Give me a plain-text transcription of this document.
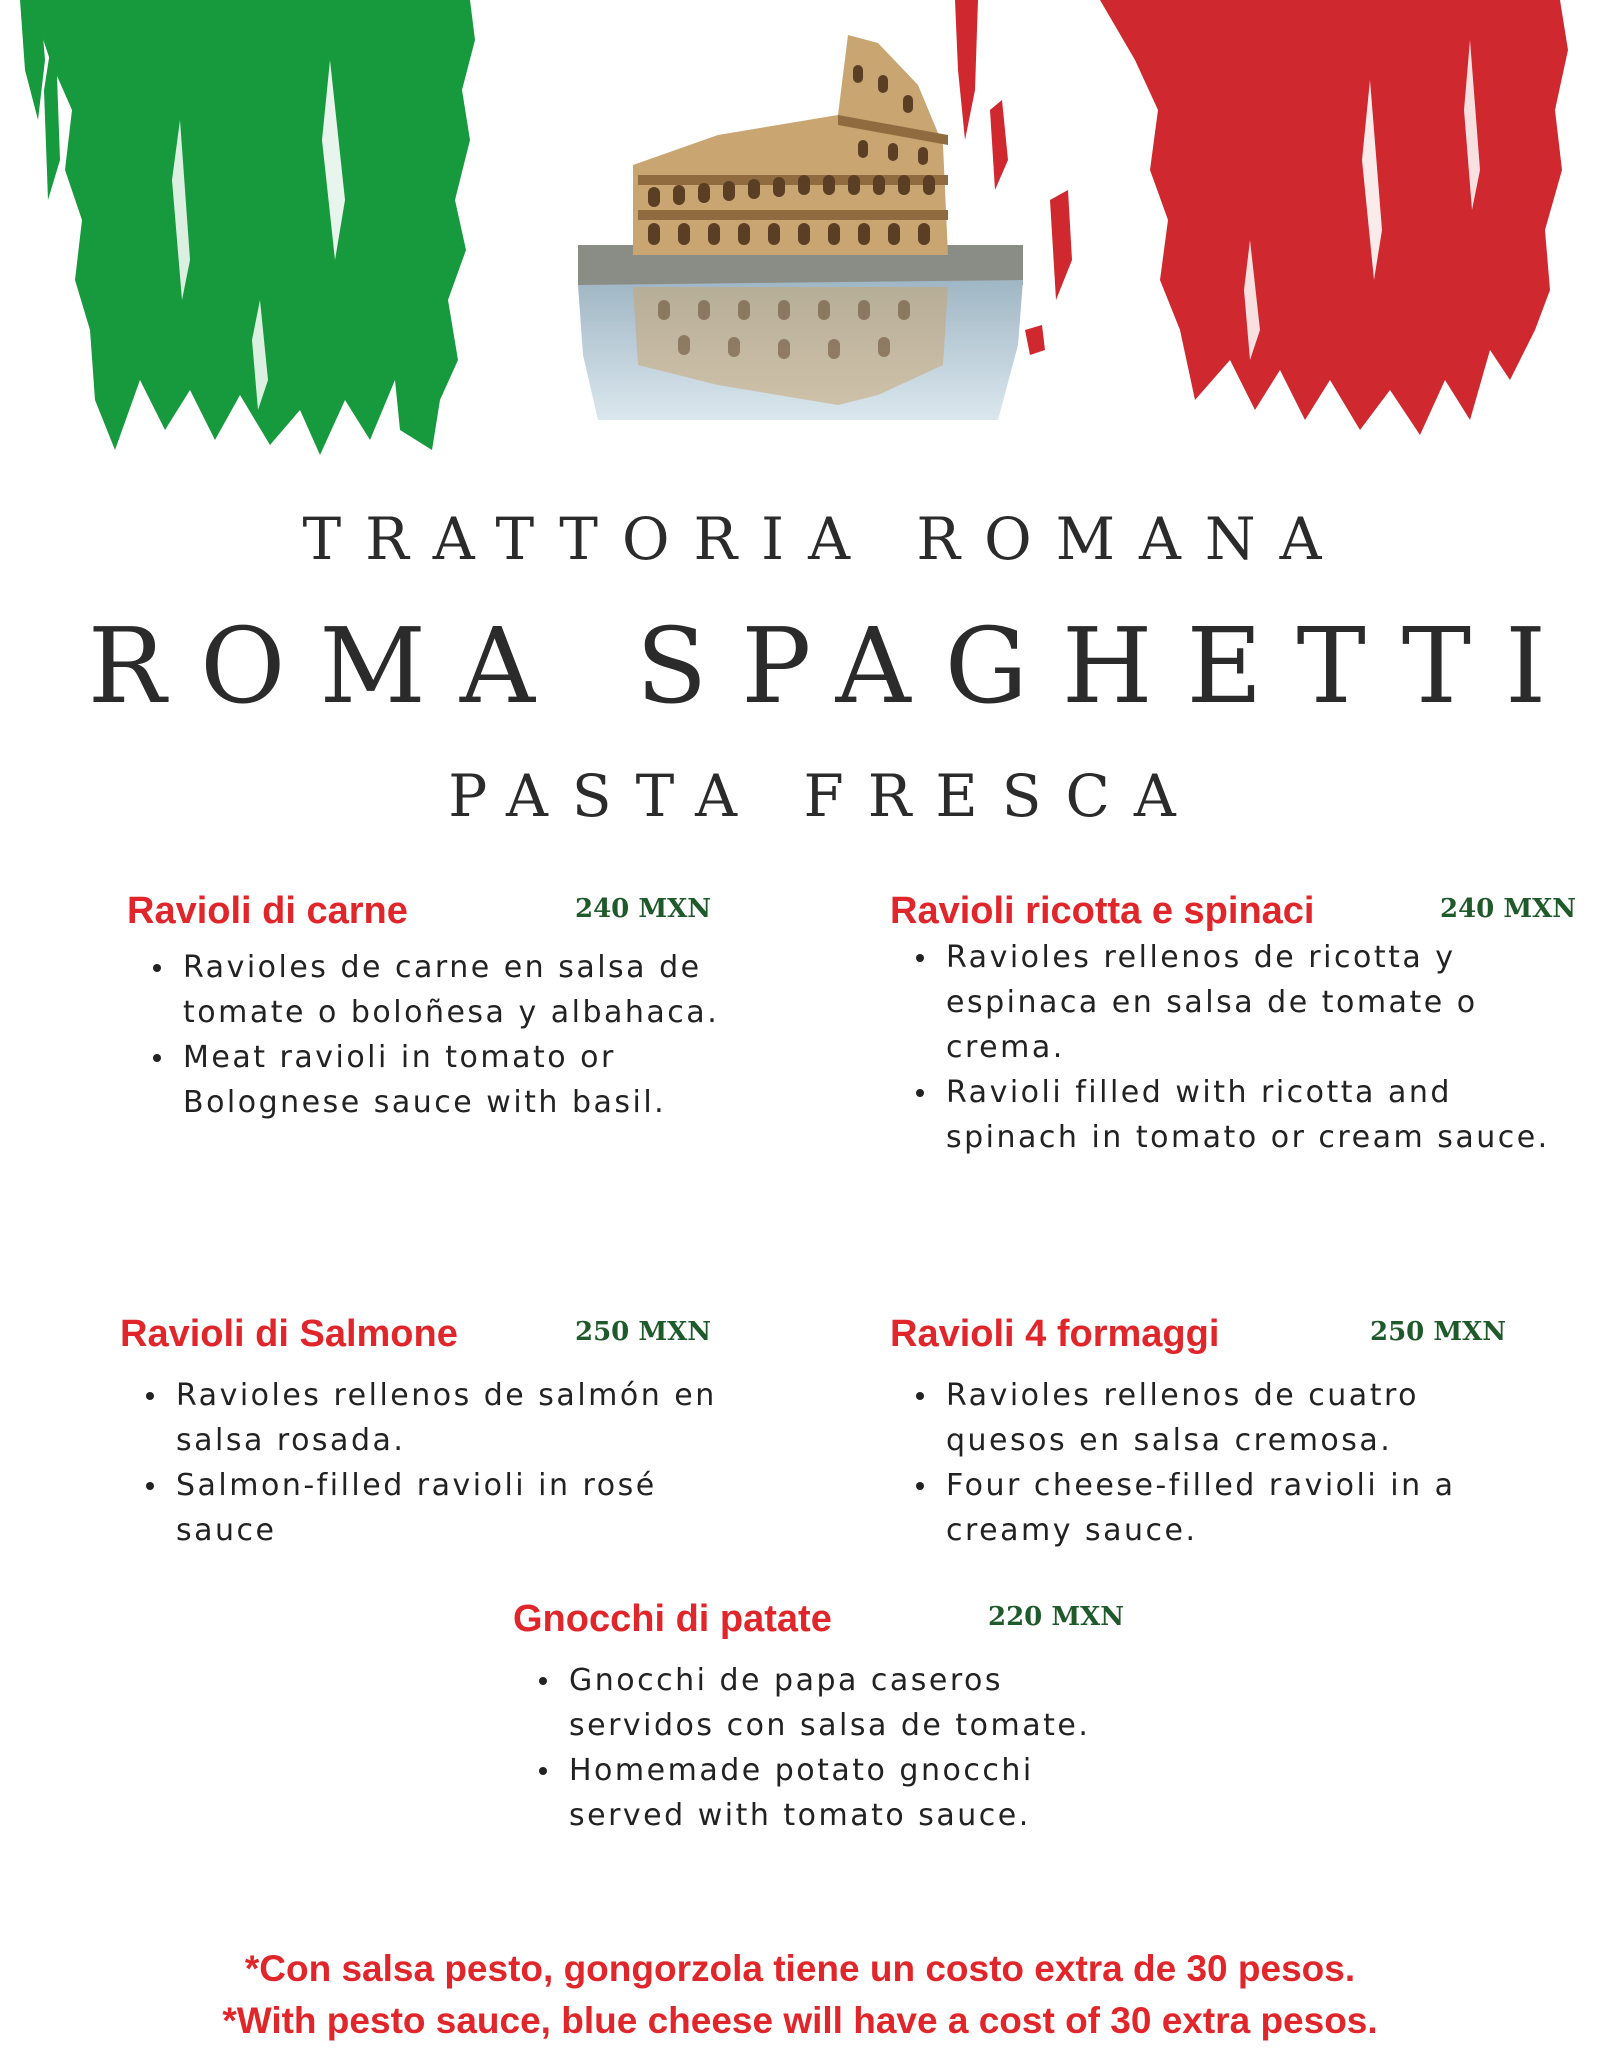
TRATTORIA ROMANA
ROMA SPAGHETTI
PASTA FRESCA
Ravioli di carne	240 MXN
Ravioles de carne en salsa de tomate o boloñesa y albahaca.
Meat ravioli in tomato or Bolognese sauce with basil.
Ravioli ricotta e spinaci	240 MXN
Ravioles rellenos de ricotta y espinaca en salsa de tomate o crema.
Ravioli filled with ricotta and spinach in tomato or cream sauce.
Ravioli di Salmone	250 MXN
Ravioles rellenos de salmón en salsa rosada.
Salmon-filled ravioli in rosé sauce
Ravioli 4 formaggi	250 MXN
Ravioles rellenos de cuatro quesos en salsa cremosa.
Four cheese-filled ravioli in a creamy sauce.
Gnocchi di patate	220 MXN
Gnocchi de papa caseros servidos con salsa de tomate.
Homemade potato gnocchi served with tomato sauce.
*Con salsa pesto, gongorzola tiene un costo extra de 30 pesos.
*With pesto sauce, blue cheese will have a cost of 30 extra pesos.
